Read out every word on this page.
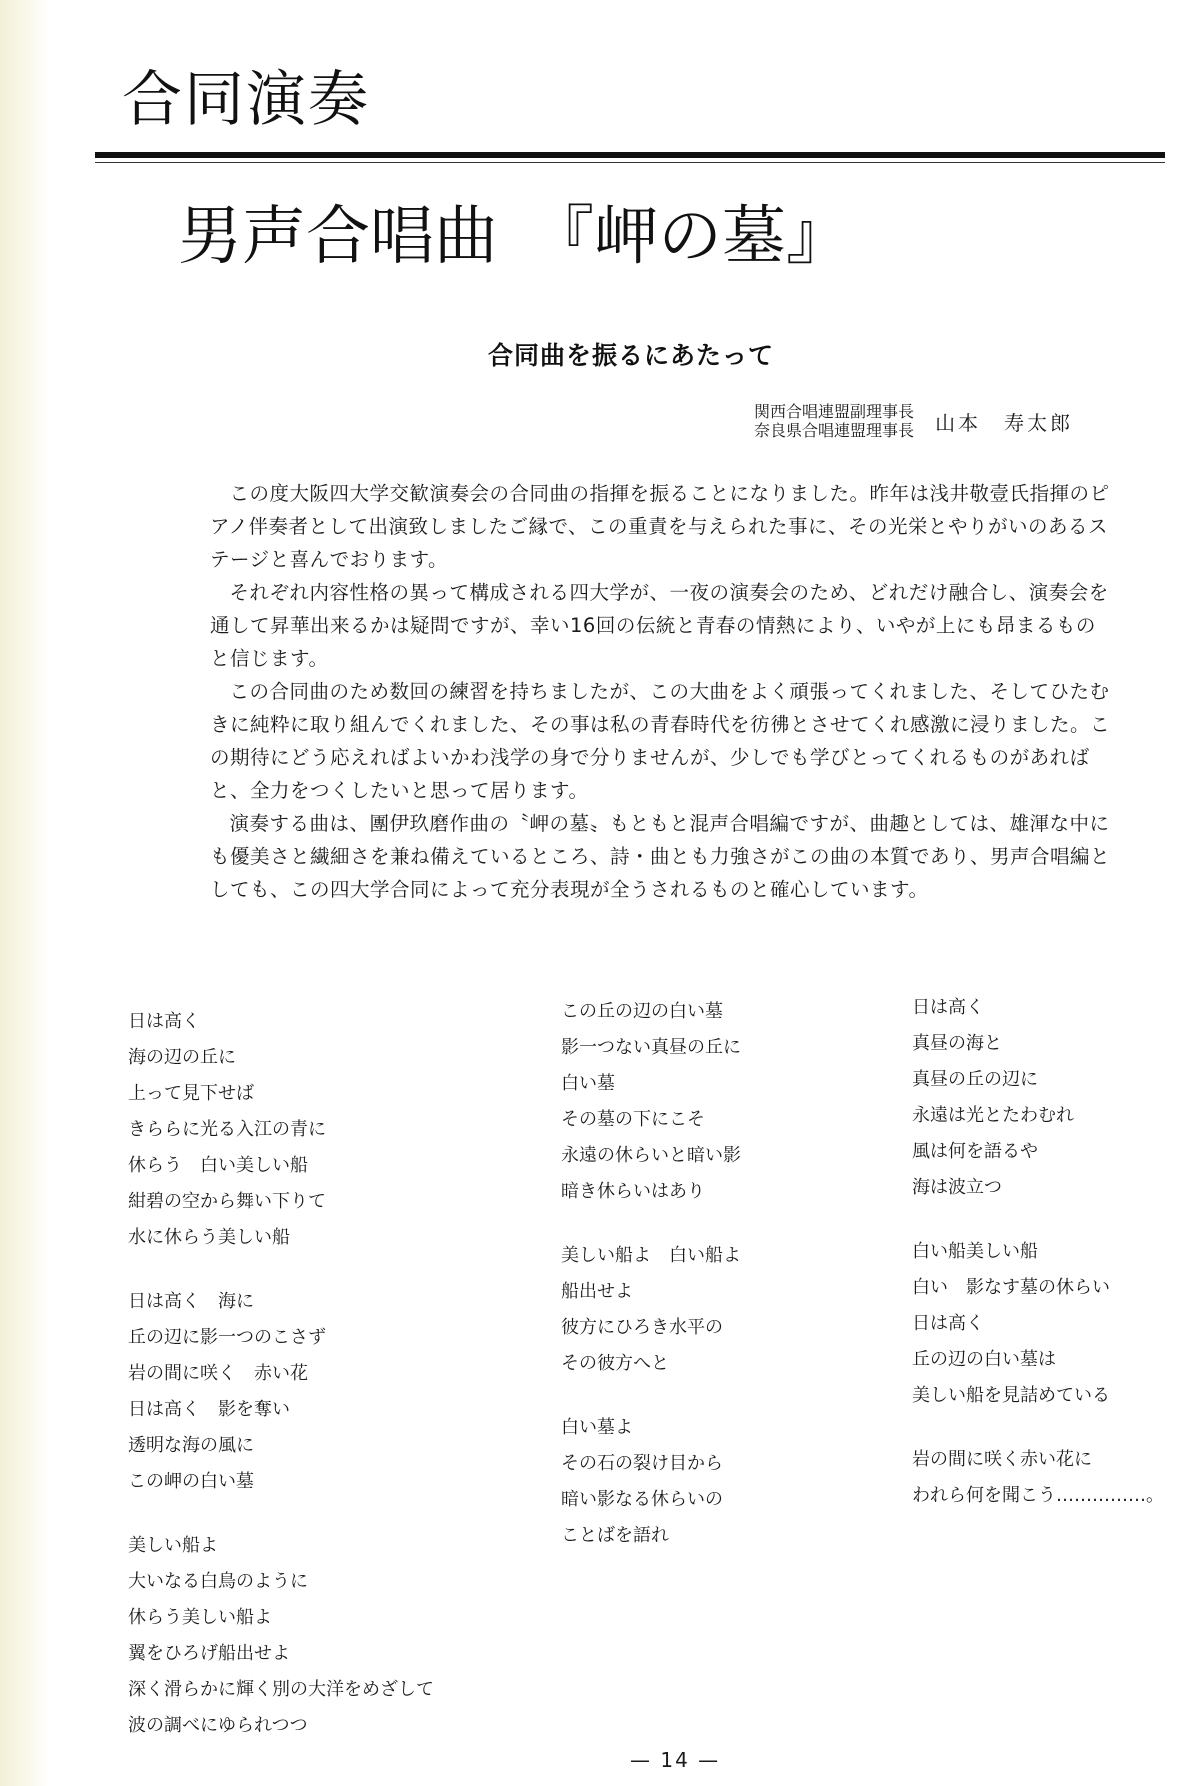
合同演奏
男声合唱曲　『岬の墓』
合同曲を振るにあたって
関西合唱連盟副理事長
奈良県合唱連盟理事長 山本　寿太郎

この度大阪四大学交歓演奏会の合同曲の指揮を振ることになりました。昨年は浅井敬壹氏指揮のピアノ伴奏者として出演致しましたご縁で、この重責を与えられた事に、その光栄とやりがいのあるステージと喜んでおります。

それぞれ内容性格の異って構成される四大学が、一夜の演奏会のため、どれだけ融合し、演奏会を通して昇華出来るかは疑問ですが、幸い16回の伝統と青春の情熱により、いやが上にも昂まるものと信じます。

この合同曲のため数回の練習を持ちましたが、この大曲をよく頑張ってくれました、そしてひたむきに純粋に取り組んでくれました、その事は私の青春時代を彷彿とさせてくれ感激に浸りました。この期待にどう応えればよいかわ浅学の身で分りませんが、少しでも学びとってくれるものがあればと、全力をつくしたいと思って居ります。

演奏する曲は、團伊玖磨作曲の〝岬の墓〟もともと混声合唱編ですが、曲趣としては、雄渾な中にも優美さと繊細さを兼ね備えているところ、詩・曲とも力強さがこの曲の本質であり、男声合唱編としても、この四大学合同によって充分表現が全うされるものと確心しています。

日は高く
海の辺の丘に
上って見下せば
きららに光る入江の青に
休らう　白い美しい船
紺碧の空から舞い下りて
水に休らう美しい船
日は高く　海に
丘の辺に影一つのこさず
岩の間に咲く　赤い花
日は高く　影を奪い
透明な海の風に
この岬の白い墓
美しい船よ
大いなる白鳥のように
休らう美しい船よ
翼をひろげ船出せよ
深く滑らかに輝く別の大洋をめざして
波の調べにゆられつつ
この丘の辺の白い墓
影一つない真昼の丘に
白い墓
その墓の下にこそ
永遠の休らいと暗い影
暗き休らいはあり
美しい船よ　白い船よ
船出せよ
彼方にひろき水平の
その彼方へと
白い墓よ
その石の裂け目から
暗い影なる休らいの
ことばを語れ
日は高く
真昼の海と
真昼の丘の辺に
永遠は光とたわむれ
風は何を語るや
海は波立つ
白い船美しい船
白い　影なす墓の休らい
日は高く
丘の辺の白い墓は
美しい船を見詰めている
岩の間に咲く赤い花に
われら何を聞こう……………。
— 14 —
